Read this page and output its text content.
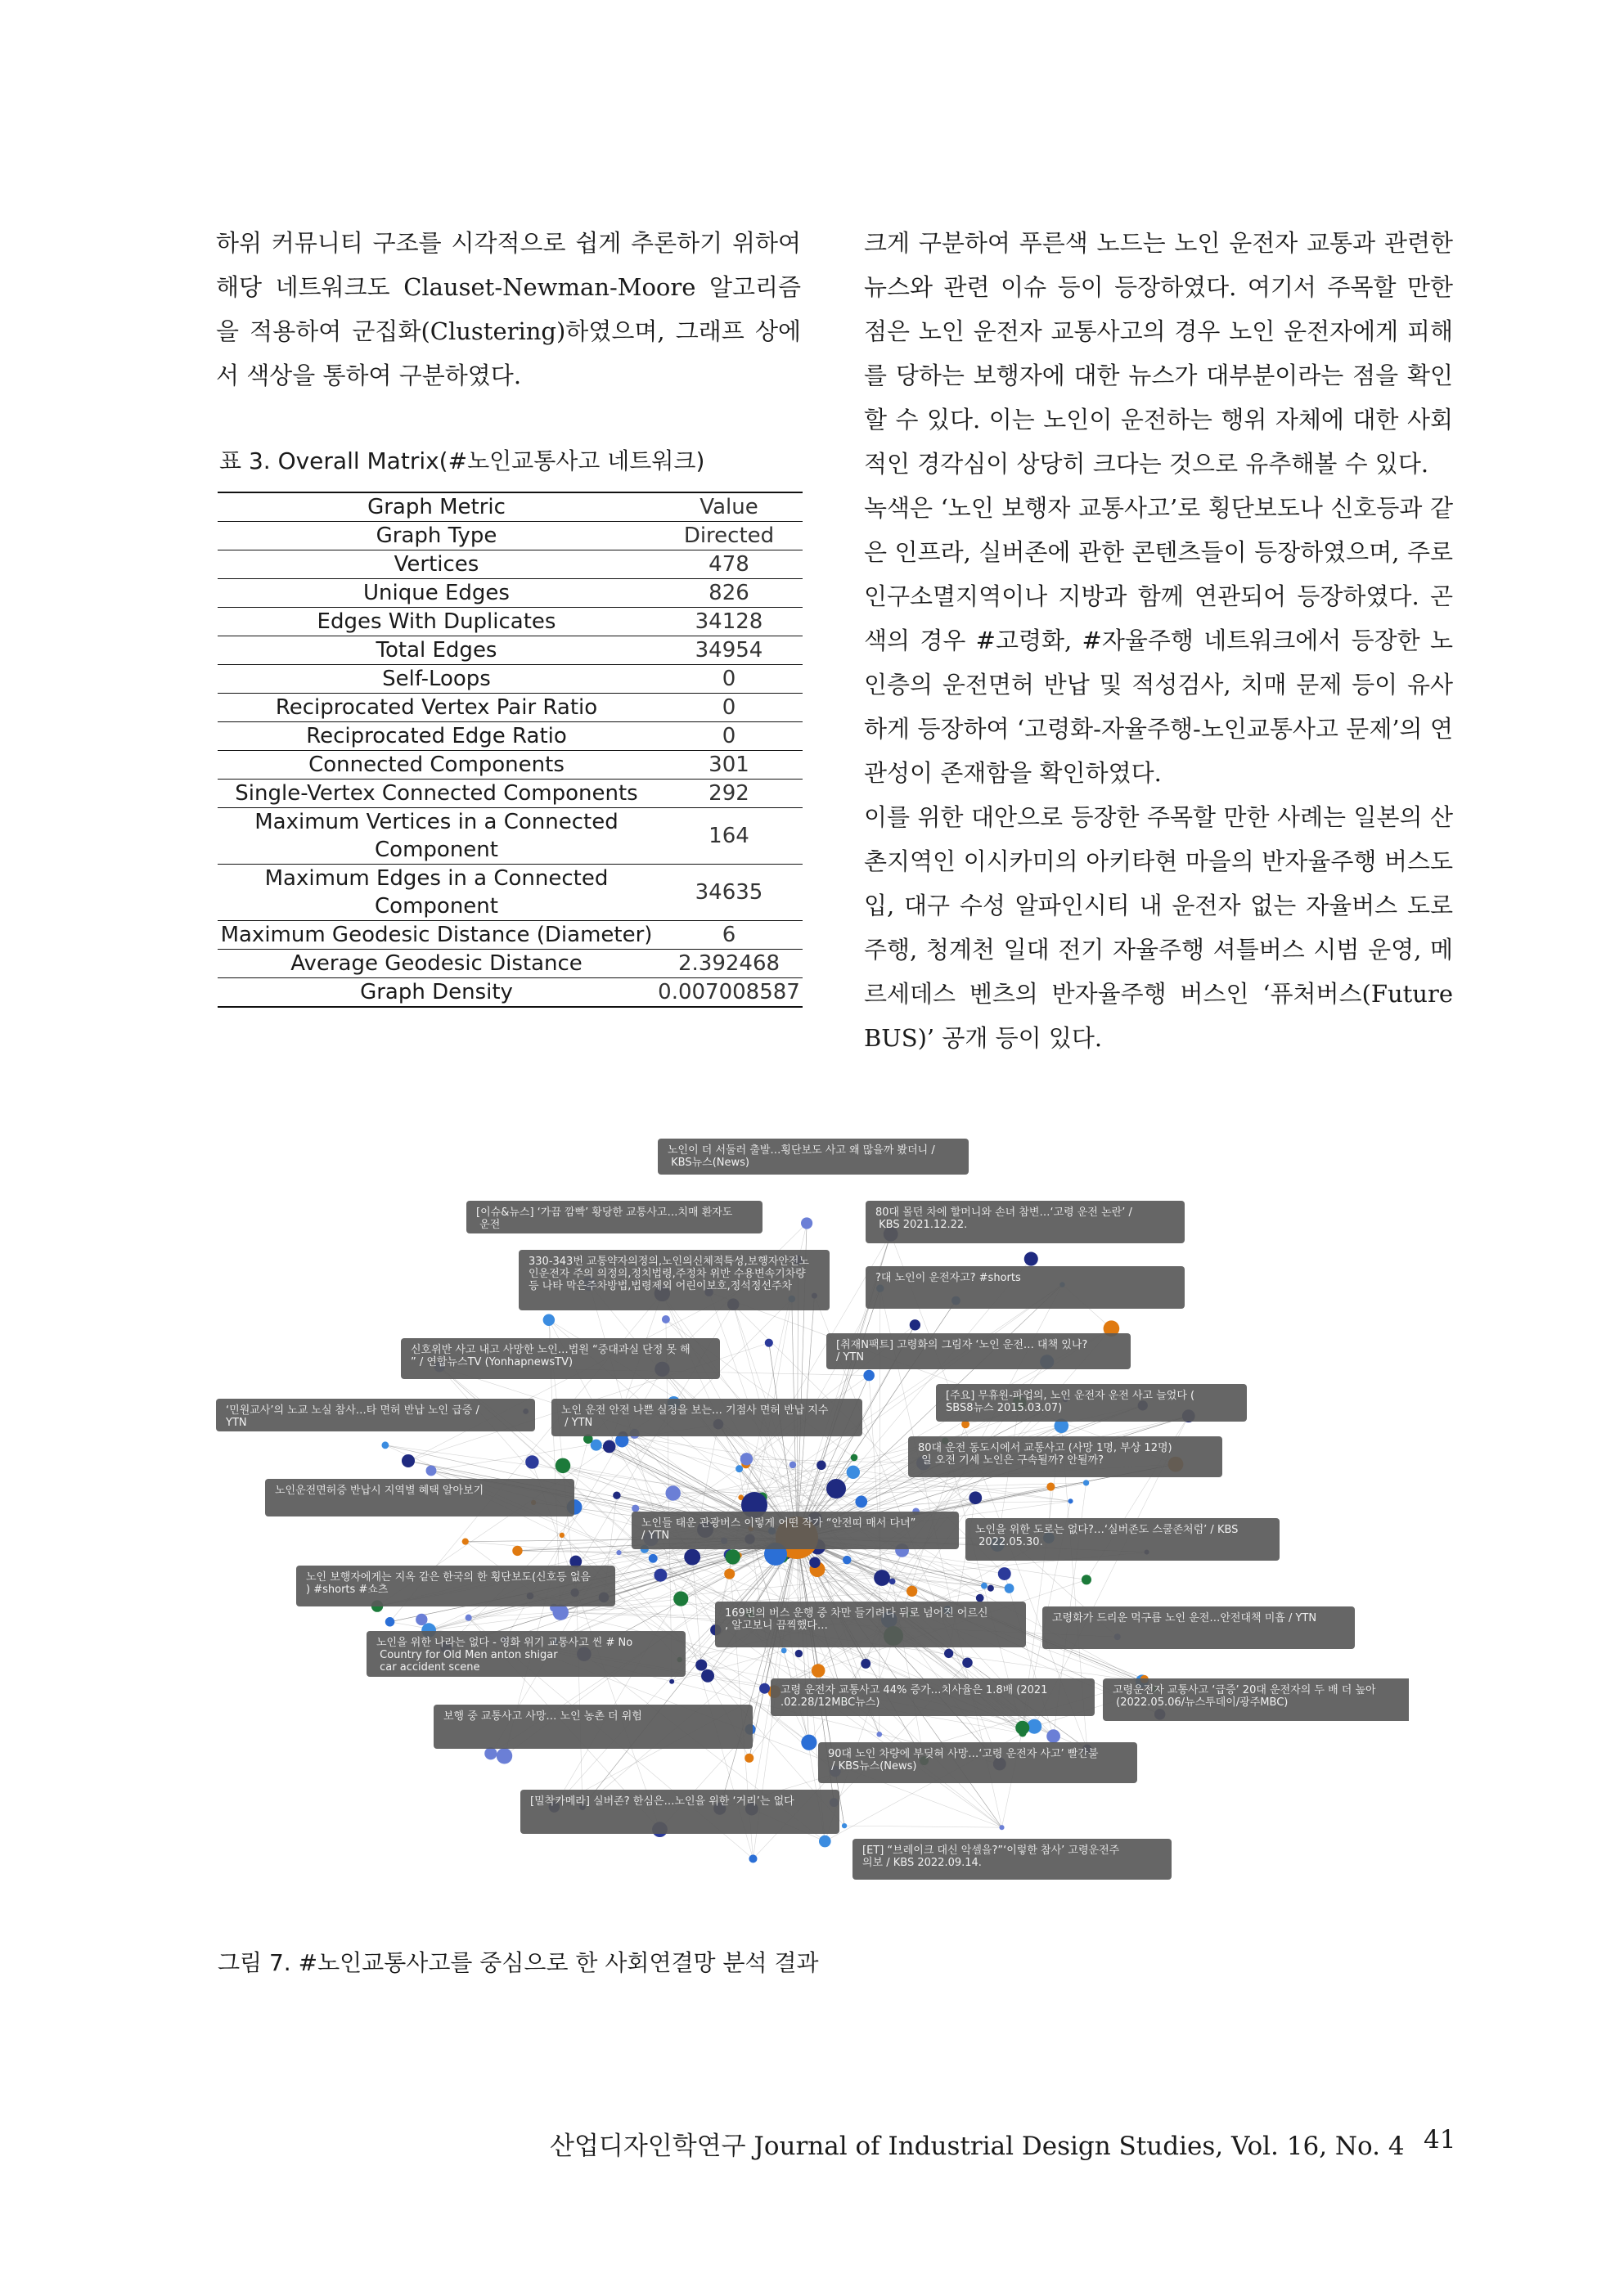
하위 커뮤니티 구조를 시각적으로 쉽게 추론하기 위하여 해당 네트워크도 Clauset-Newman-Moore 알고리즘을 적용하여 군집화(Clustering)하였으며, 그래프 상에서 색상을 통하여 구분하였다.

표 3. Overall Matrix(#노인교통사고 네트워크)
Graph Metric	Value
Graph Type	Directed
Vertices	478
Unique Edges	826
Edges With Duplicates	34128
Total Edges	34954
Self-Loops	0
Reciprocated Vertex Pair Ratio	0
Reciprocated Edge Ratio	0
Connected Components	301
Single-Vertex Connected Components	292
Maximum Vertices in a Connected Component	164
Maximum Edges in a Connected Component	34635
Maximum Geodesic Distance (Diameter)	6
Average Geodesic Distance	2.392468
Graph Density	0.007008587

크게 구분하여 푸른색 노드는 노인 운전자 교통과 관련한 뉴스와 관련 이슈 등이 등장하였다. 여기서 주목할 만한 점은 노인 운전자 교통사고의 경우 노인 운전자에게 피해를 당하는 보행자에 대한 뉴스가 대부분이라는 점을 확인할 수 있다. 이는 노인이 운전하는 행위 자체에 대한 사회적인 경각심이 상당히 크다는 것으로 유추해볼 수 있다.

녹색은 ‘노인 보행자 교통사고’로 횡단보도나 신호등과 같은 인프라, 실버존에 관한 콘텐츠들이 등장하였으며, 주로 인구소멸지역이나 지방과 함께 연관되어 등장하였다. 곤색의 경우 #고령화, #자율주행 네트워크에서 등장한 노인층의 운전면허 반납 및 적성검사, 치매 문제 등이 유사하게 등장하여 ‘고령화-자율주행-노인교통사고 문제’의 연관성이 존재함을 확인하였다.

이를 위한 대안으로 등장한 주목할 만한 사례는 일본의 산촌지역인 이시카미의 아키타현 마을의 반자율주행 버스도입, 대구 수성 알파인시티 내 운전자 없는 자율버스 도로 주행, 청계천 일대 전기 자율주행 셔틀버스 시범 운영, 메르세데스 벤츠의 반자율주행 버스인 ‘퓨처버스(Future BUS)’ 공개 등이 있다.

노인이 더 서둘러 출발…횡단보도 사고 왜 많을까 봤더니 / KBS뉴스(News)
[이슈&뉴스] ‘가끔 깜빡’ 황당한 교통사고…치매 환자도 운전
80대 몰던 차에 할머니와 손녀 참변…‘고령 운전 논란’ / KBS 2021.12.22.
330-343번 교통약자의정의,노인의신체적특성,보행자안전노 인운전자 주의 의정의,정치법령,주정차 위반 수용변속기차량 등 나타 막은주차방법,법령제외 어린이보호,정석정선주차
?대 노인이 운전자고? #shorts
신호위반 사고 내고 사망한 노인…법원 “중대과실 단정 못 해 ” / 연합뉴스TV (YonhapnewsTV)
[취재N팩트] 고령화의 그림자 ‘노인 운전… 대책 있나? / YTN
‘민원교사’의 노교 노실 참사…타 면허 반납 노인 급증 / YTN
노인 운전 안전 나쁜 실정을 보는… 기점사 면허 반납 지수 / YTN
[주요] 무휴원-파업의, 노인 운전자 운전 사고 늘었다 ( SBS8뉴스 2015.03.07)
80대 운전 동도시에서 교통사고 (사망 1명, 부상 12명) 일 오전 기세 노인은 구속될까? 안될까?
노인운전면허증 반납시 지역별 혜택 알아보기
노인들 태운 관광버스 이렇게 어떤 작가 “안전띠 매서 다녀” / YTN	노인을 위한 도로는 없다?…‘실버존도 스쿨존처럼’ / KBS 2022.05.30.
노인 보행자에게는 지옥 같은 한국의 한 횡단보도(신호등 없음 ) #shorts #쇼츠
169번의 버스 운행 중 차만 들기려다 뒤로 넘어진 어르신 , 알고보니 끔찍했다…
고령화가 드리운 먹구름 노인 운전…안전대책 미흡 / YTN
노인을 위한 나라는 없다 - 영화 위기 교통사고 씬 # No Country for Old Men anton shigar car accident scene
고령 운전자 교통사고 44% 증가…치사율은 1.8배 (2021 .02.28/12MBC뉴스)
고령운전자 교통사고 ‘급증’ 20대 운전자의 두 배 더 높아 (2022.05.06/뉴스투데이/광주MBC)
보행 중 교통사고 사망… 노인 농촌 더 위험
90대 노인 차량에 부딪혀 사망…‘고령 운전자 사고’ 빨간불 / KBS뉴스(News)
[밀착카메라] 실버존? 한심은…노인을 위한 ‘거리’는 없다
[ET] “브레이크 대신 악셀을?”‘이렇한 참사’ 고령운전주 의보 / KBS 2022.09.14.
그림 7. #노인교통사고를 중심으로 한 사회연결망 분석 결과
산업디자인학연구 Journal of Industrial Design Studies, Vol. 16, No. 4 41
